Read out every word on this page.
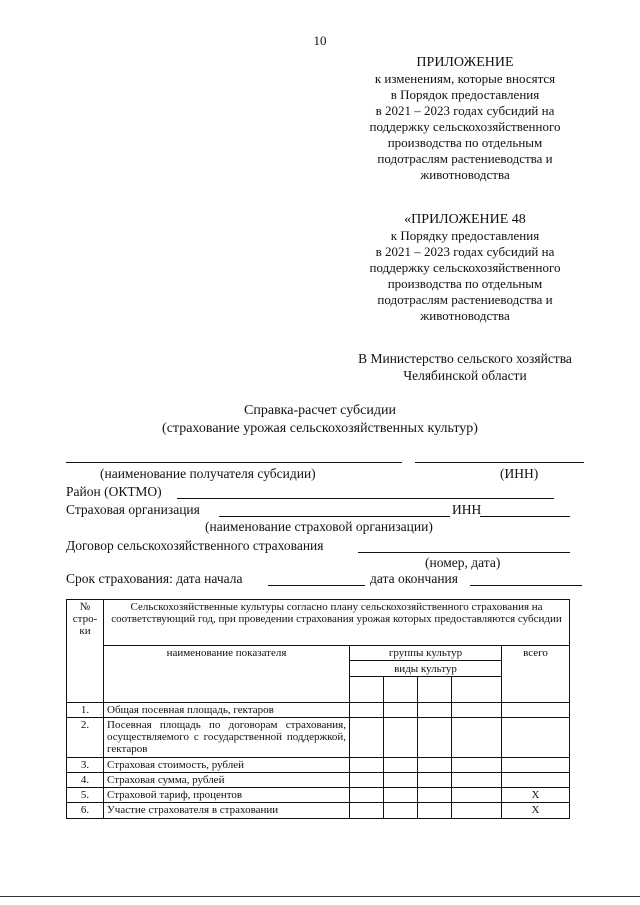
10
ПРИЛОЖЕНИЕ
к изменениям, которые вносятся
в Порядок предоставления
в 2021 – 2023 годах субсидий на
поддержку сельскохозяйственного
производства по отдельным
подотраслям растениеводства и
животноводства
«ПРИЛОЖЕНИЕ 48
к Порядку предоставления
в 2021 – 2023 годах субсидий на
поддержку сельскохозяйственного
производства по отдельным
подотраслям растениеводства и
животноводства
В Министерство сельского хозяйства
Челябинской области
Справка-расчет субсидии
(страхование урожая сельскохозяйственных культур)
(наименование получателя субсидии)	(ИНН)
Район (ОКТМО)
Страховая организация	ИНН
(наименование страховой организации)
Договор сельскохозяйственного страхования
(номер, дата)
Срок страхования: дата начала	дата окончания
№ стро- ки	Сельскохозяйственные культуры согласно плану сельскохозяйственного страхования на соответствующий год, при проведении страхования урожая которых предоставляются субсидии					
	наименование показателя	группы культур				всего
		виды культур				

1.	Общая посевная площадь, гектаров					
2.	Посевная площадь по договорам страхования, осуществляемого с государственной поддержкой, гектаров					
3.	Страховая стоимость, рублей					
4.	Страховая сумма, рублей					
5.	Страховой тариф, процентов					Х
6.	Участие страхователя в страховании					Х
